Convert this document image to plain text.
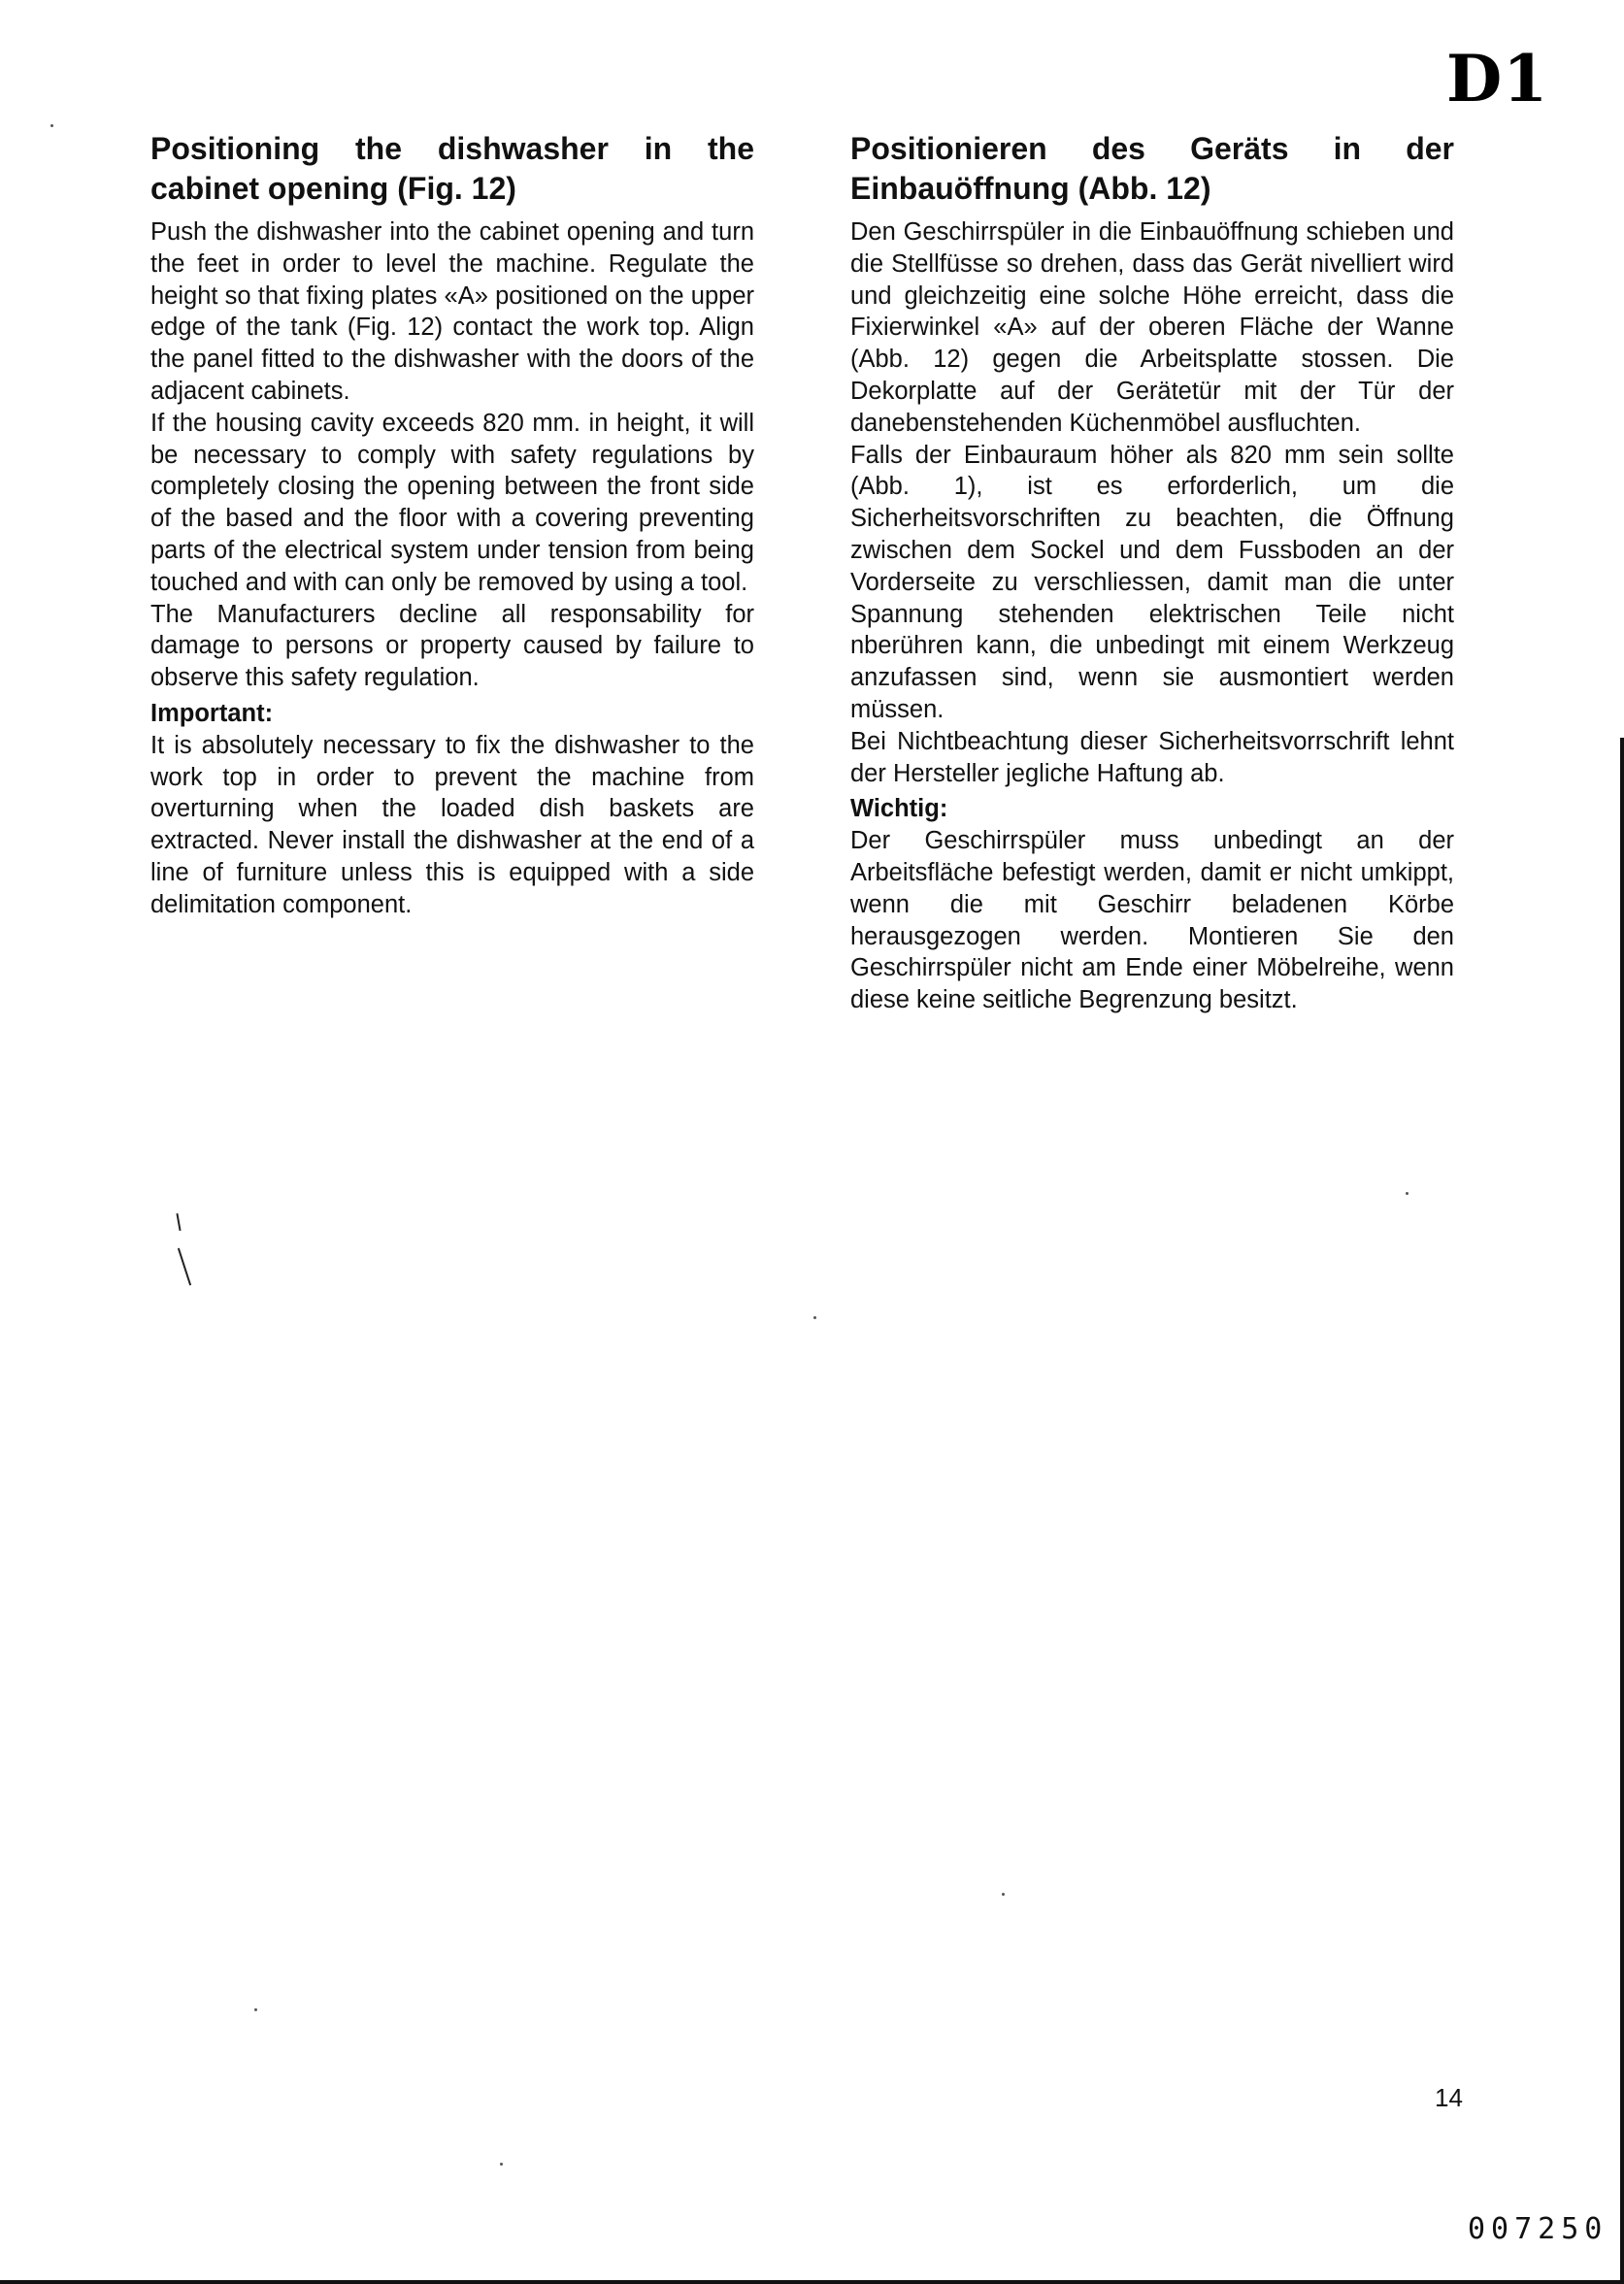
D1
Positioning the dishwasher in the cabinet opening (Fig. 12)

Push the dishwasher into the cabinet opening and turn the feet in order to level the machine. Regulate the height so that fixing plates «A» positioned on the upper edge of the tank (Fig. 12) contact the work top. Align the panel fitted to the dishwasher with the doors of the adjacent cabinets.

If the housing cavity exceeds 820 mm. in height, it will be necessary to comply with safety regulations by completely closing the opening between the front side of the based and the floor with a covering preventing parts of the electrical system under tension from being touched and with can only be removed by using a tool.

The Manufacturers decline all responsability for damage to persons or property caused by failure to observe this safety regulation.

Important:

It is absolutely necessary to fix the dishwasher to the work top in order to prevent the machine from overturning when the loaded dish baskets are extracted. Never install the dishwasher at the end of a line of furniture unless this is equipped with a side delimitation component.

Positionieren des Geräts in der Einbauöffnung (Abb. 12)

Den Geschirrspüler in die Einbauöffnung schieben und die Stellfüsse so drehen, dass das Gerät nivelliert wird und gleichzeitig eine solche Höhe erreicht, dass die Fixierwinkel «A» auf der oberen Fläche der Wanne (Abb. 12) gegen die Arbeitsplatte stossen. Die Dekorplatte auf der Gerätetür mit der Tür der danebenstehenden Küchenmöbel ausfluchten.

Falls der Einbauraum höher als 820 mm sein sollte (Abb. 1), ist es erforderlich, um die Sicherheitsvorschriften zu beachten, die Öffnung zwischen dem Sockel und dem Fussboden an der Vorderseite zu verschliessen, damit man die unter Spannung stehenden elektrischen Teile nicht nberühren kann, die unbedingt mit einem Werkzeug anzufassen sind, wenn sie ausmontiert werden müssen.

Bei Nichtbeachtung dieser Sicherheitsvorrschrift lehnt der Hersteller jegliche Haftung ab.

Wichtig:

Der Geschirrspüler muss unbedingt an der Arbeitsfläche befestigt werden, damit er nicht umkippt, wenn die mit Geschirr beladenen Körbe herausgezogen werden. Montieren Sie den Geschirrspüler nicht am Ende einer Möbelreihe, wenn diese keine seitliche Begrenzung besitzt.

14
007250
